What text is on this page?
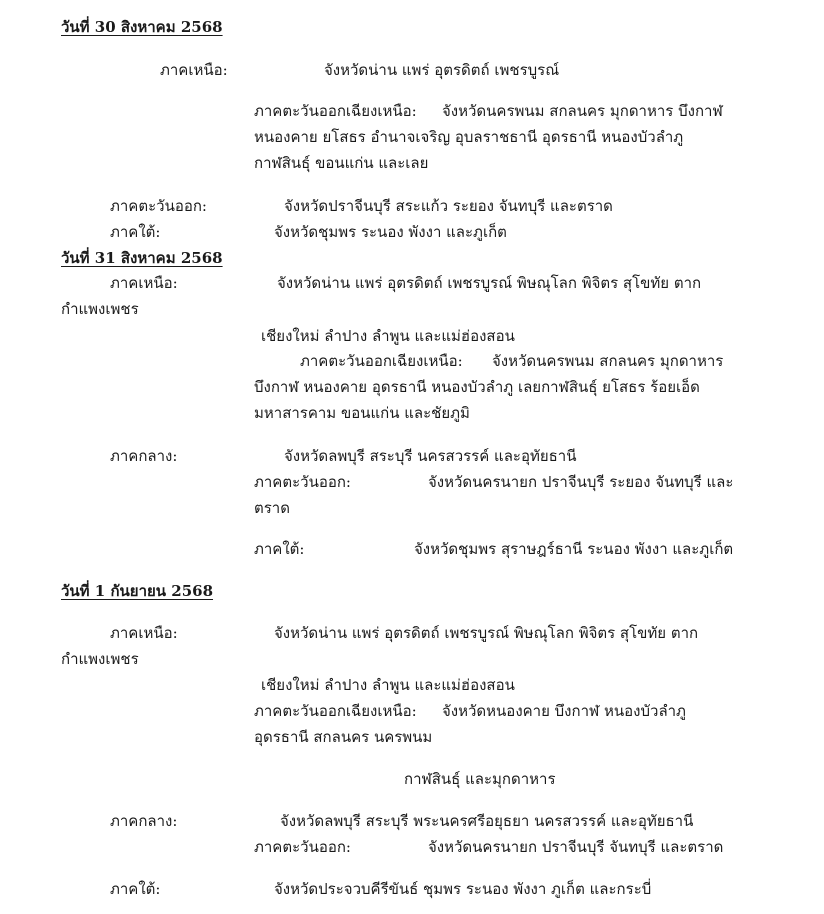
วันที่ 30 สิงหาคม 2568
ภาคเหนือ:	จังหวัดน่าน แพร่ อุตรดิตถ์ เพชรบูรณ์
ภาคตะวันออกเฉียงเหนือ: จังหวัดนครพนม สกลนคร มุกดาหาร บึงกาฬ
หนองคาย ยโสธร อำนาจเจริญ อุบลราชธานี อุดรธานี หนองบัวลำภู
กาฬสินธุ์ ขอนแก่น และเลย
ภาคตะวันออก:	จังหวัดปราจีนบุรี สระแก้ว ระยอง จันทบุรี และตราด
ภาคใต้:	จังหวัดชุมพร ระนอง พังงา และภูเก็ต
วันที่ 31 สิงหาคม 2568
ภาคเหนือ:	จังหวัดน่าน แพร่ อุตรดิตถ์ เพชรบูรณ์ พิษณุโลก พิจิตร สุโขทัย ตาก
กำแพงเพชร
เชียงใหม่ ลำปาง ลำพูน และแม่ฮ่องสอน
ภาคตะวันออกเฉียงเหนือ: จังหวัดนครพนม สกลนคร มุกดาหาร
บึงกาฬ หนองคาย อุดรธานี หนองบัวลำภู เลยกาฬสินธุ์ ยโสธร ร้อยเอ็ด
มหาสารคาม ขอนแก่น และชัยภูมิ
ภาคกลาง:	จังหวัดลพบุรี สระบุรี นครสวรรค์ และอุทัยธานี
ภาคตะวันออก:	จังหวัดนครนายก ปราจีนบุรี ระยอง จันทบุรี และ
ตราด
ภาคใต้:	จังหวัดชุมพร สุราษฎร์ธานี ระนอง พังงา และภูเก็ต
วันที่ 1 กันยายน 2568
ภาคเหนือ:	จังหวัดน่าน แพร่ อุตรดิตถ์ เพชรบูรณ์ พิษณุโลก พิจิตร สุโขทัย ตาก
กำแพงเพชร
เชียงใหม่ ลำปาง ลำพูน และแม่ฮ่องสอน
ภาคตะวันออกเฉียงเหนือ: จังหวัดหนองคาย บึงกาฬ หนองบัวลำภู
อุดรธานี สกลนคร นครพนม
กาฬสินธุ์ และมุกดาหาร
ภาคกลาง:	จังหวัดลพบุรี สระบุรี พระนครศรีอยุธยา นครสวรรค์ และอุทัยธานี
ภาคตะวันออก:	จังหวัดนครนายก ปราจีนบุรี จันทบุรี และตราด
ภาคใต้:	จังหวัดประจวบคีรีขันธ์ ชุมพร ระนอง พังงา ภูเก็ต และกระบี่
